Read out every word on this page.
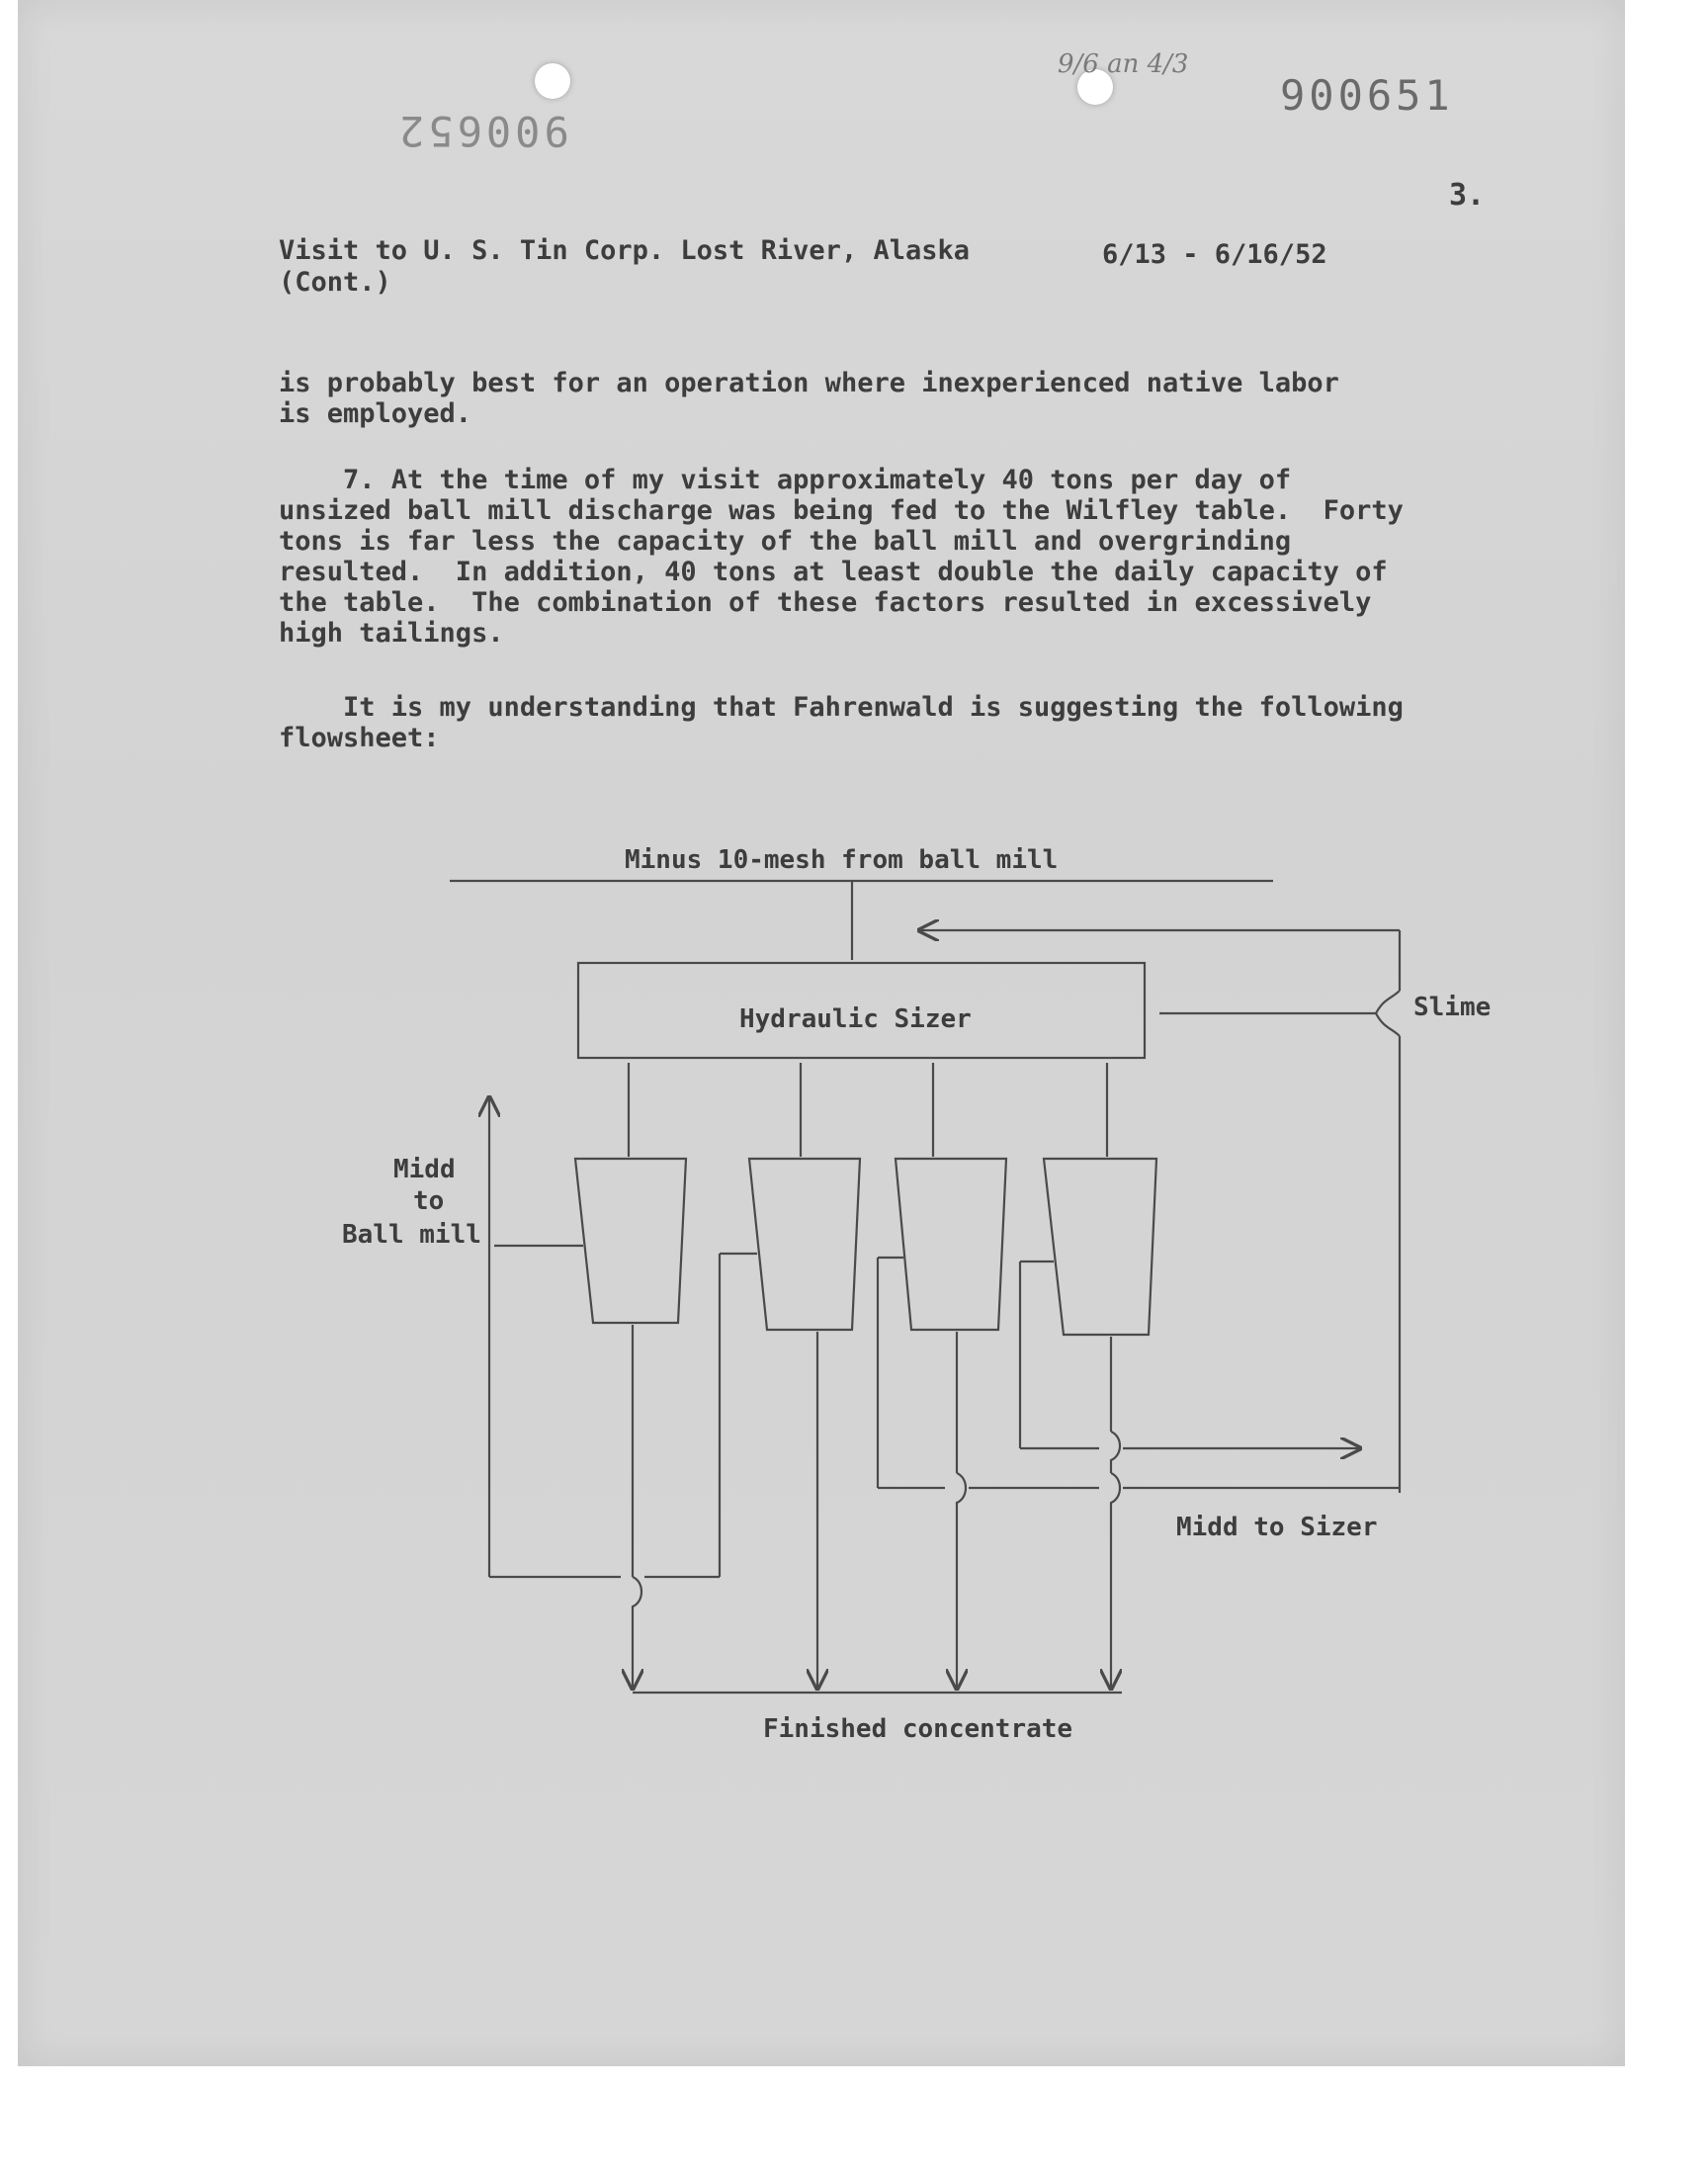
900651
900652
9/6 an 4/3
3.
Visit to U. S. Tin Corp. Lost River, Alaska
(Cont.)
6/13 - 6/16/52
is probably best for an operation where inexperienced native labor
is employed.
7. At the time of my visit approximately 40 tons per day of
unsized ball mill discharge was being fed to the Wilfley table.  Forty
tons is far less the capacity of the ball mill and overgrinding
resulted.  In addition, 40 tons at least double the daily capacity of
the table.  The combination of these factors resulted in excessively
high tailings.
It is my understanding that Fahrenwald is suggesting the following
flowsheet:
Minus 10-mesh from ball mill
Hydraulic Sizer	Slime
Midd
to
Ball mill
Midd to Sizer
Finished concentrate
